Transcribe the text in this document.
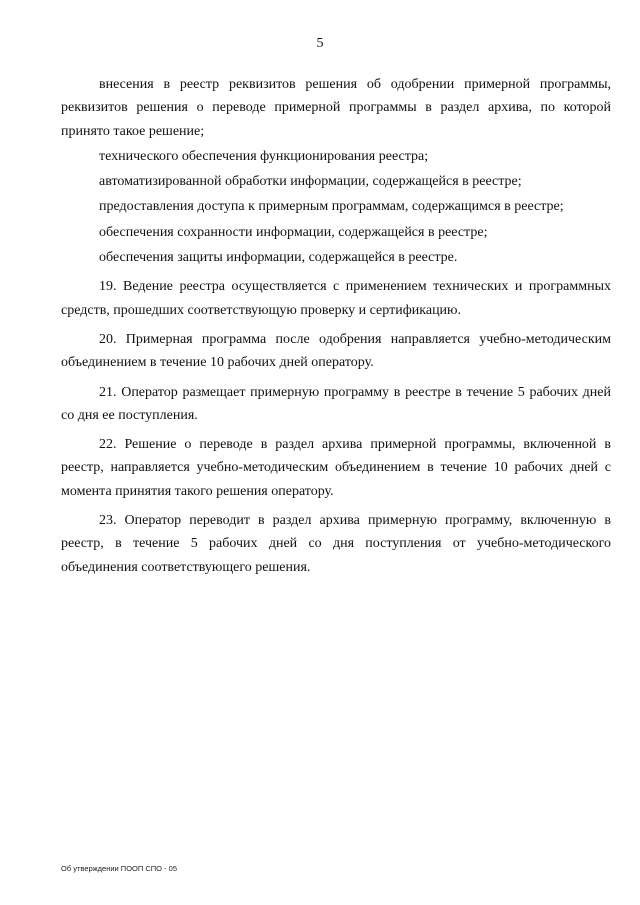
5

внесения в реестр реквизитов решения об одобрении примерной программы, реквизитов решения о переводе примерной программы в раздел архива, по которой принято такое решение;

технического обеспечения функционирования реестра;

автоматизированной обработки информации, содержащейся в реестре;

предоставления доступа к примерным программам, содержащимся в реестре;

обеспечения сохранности информации, содержащейся в реестре;

обеспечения защиты информации, содержащейся в реестре.

19. Ведение реестра осуществляется с применением технических и программных средств, прошедших соответствующую проверку и сертификацию.

20. Примерная программа после одобрения направляется учебно-методическим объединением в течение 10 рабочих дней оператору.

21. Оператор размещает примерную программу в реестре в течение 5 рабочих дней со дня ее поступления.

22. Решение о переводе в раздел архива примерной программы, включенной в реестр, направляется учебно-методическим объединением в течение 10 рабочих дней с момента принятия такого решения оператору.

23. Оператор переводит в раздел архива примерную программу, включенную в реестр, в течение 5 рабочих дней со дня поступления от учебно-методического объединения соответствующего решения.

Об утверждении ПООП СПО - 05
